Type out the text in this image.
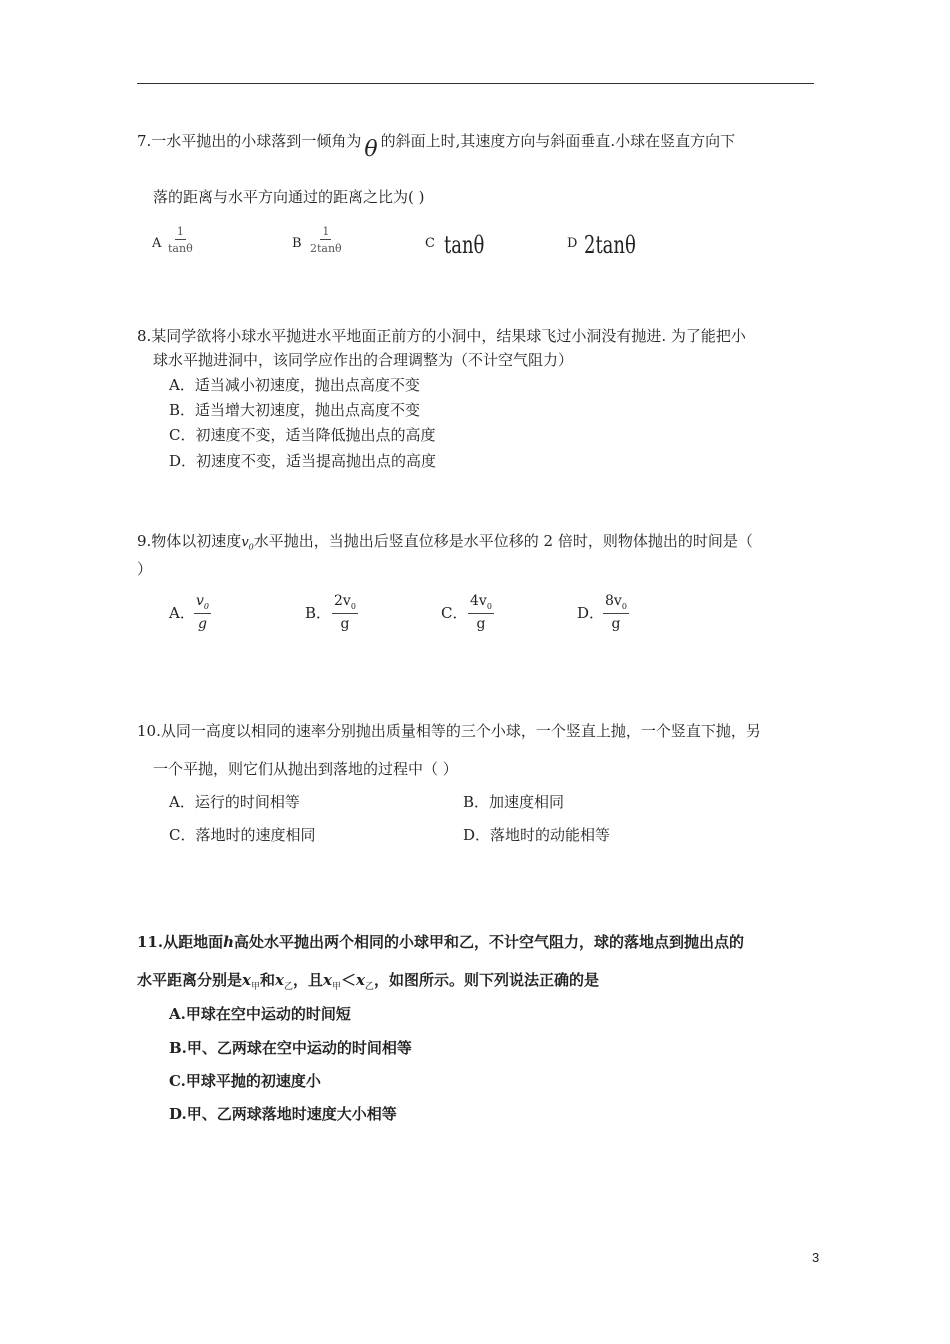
7.一水平抛出的小球落到一倾角为 θ 的斜面上时,其速度方向与斜面垂直.小球在竖直方向下
落的距离与水平方向通过的距离之比为( )
A $\frac{1}{\tan\theta}$	B $\frac{1}{2\tan\theta}$	C tanθ	D 2tanθ
8.某同学欲将小球水平抛进水平地面正前方的小洞中，结果球飞过小洞没有抛进. 为了能把小
球水平抛进洞中，该同学应作出的合理调整为（不计空气阻力）
A．适当减小初速度，抛出点高度不变
B．适当增大初速度，抛出点高度不变
C．初速度不变，适当降低抛出点的高度
D．初速度不变，适当提高抛出点的高度
9.物体以初速度$v_0$水平抛出，当抛出后竖直位移是水平位移的 2 倍时，则物体抛出的时间是（
）
A． $\frac{v_0}{g}$	B． $\frac{2v_0}{g}$	C． $\frac{4v_0}{g}$	D．
$\frac{8v_0}{g}$
10.从同一高度以相同的速率分别抛出质量相等的三个小球，一个竖直上抛，一个竖直下抛，另
一个平抛，则它们从抛出到落地的过程中（ ）
A．运行的时间相等	B．加速度相同
C．落地时的速度相同	D．落地时的动能相等
11.从距地面h高处水平抛出两个相同的小球甲和乙，不计空气阻力，球的落地点到抛出点的
水平距离分别是$x_甲$和$x_乙$，且$x_甲<x_乙$，如图所示。则下列说法正确的是
A.甲球在空中运动的时间短
B.甲、乙两球在空中运动的时间相等
C.甲球平抛的初速度小
D.甲、乙两球落地时速度大小相等
3
